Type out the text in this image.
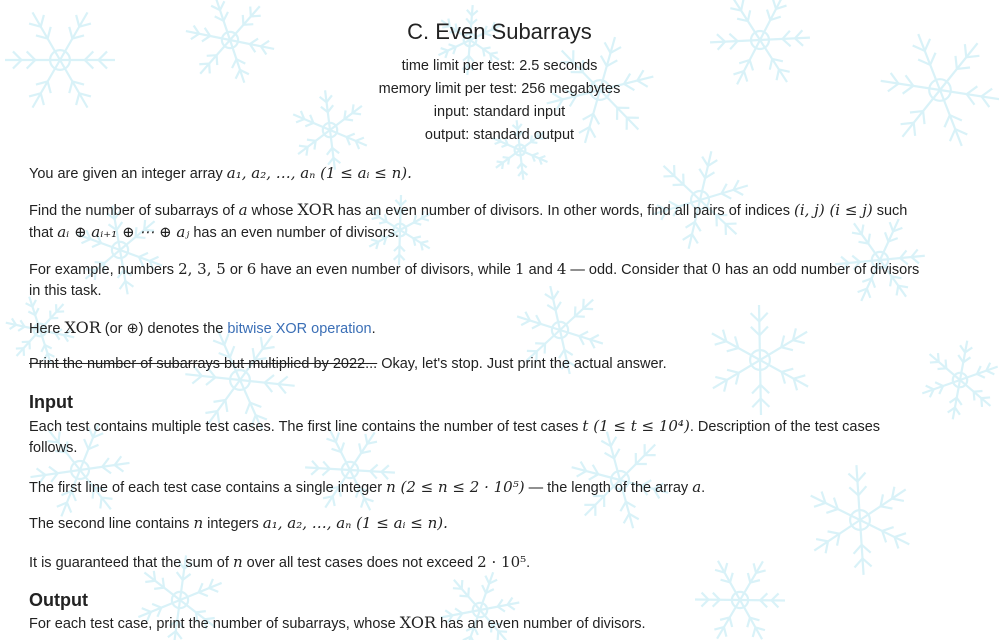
C. Even Subarrays
time limit per test: 2.5 seconds
memory limit per test: 256 megabytes
input: standard input
output: standard output
You are given an integer array a₁, a₂, …, aₙ (1 ≤ aᵢ ≤ n).
Find the number of subarrays of a whose XOR has an even number of divisors. In other words, find all pairs of indices (i, j) (i ≤ j) such
that aᵢ ⊕ aᵢ₊₁ ⊕ ⋯ ⊕ aⱼ has an even number of divisors.
For example, numbers 2, 3, 5 or 6 have an even number of divisors, while 1 and 4 — odd. Consider that 0 has an odd number of divisors
in this task.
Here XOR (or ⊕) denotes the bitwise XOR operation.
Print the number of subarrays but multiplied by 2022... Okay, let's stop. Just print the actual answer.
Input
Each test contains multiple test cases. The first line contains the number of test cases t (1 ≤ t ≤ 10⁴). Description of the test cases
follows.
The first line of each test case contains a single integer n (2 ≤ n ≤ 2 · 10⁵) — the length of the array a.
The second line contains n integers a₁, a₂, …, aₙ (1 ≤ aᵢ ≤ n).
It is guaranteed that the sum of n over all test cases does not exceed 2 · 10⁵.
Output
For each test case, print the number of subarrays, whose XOR has an even number of divisors.
